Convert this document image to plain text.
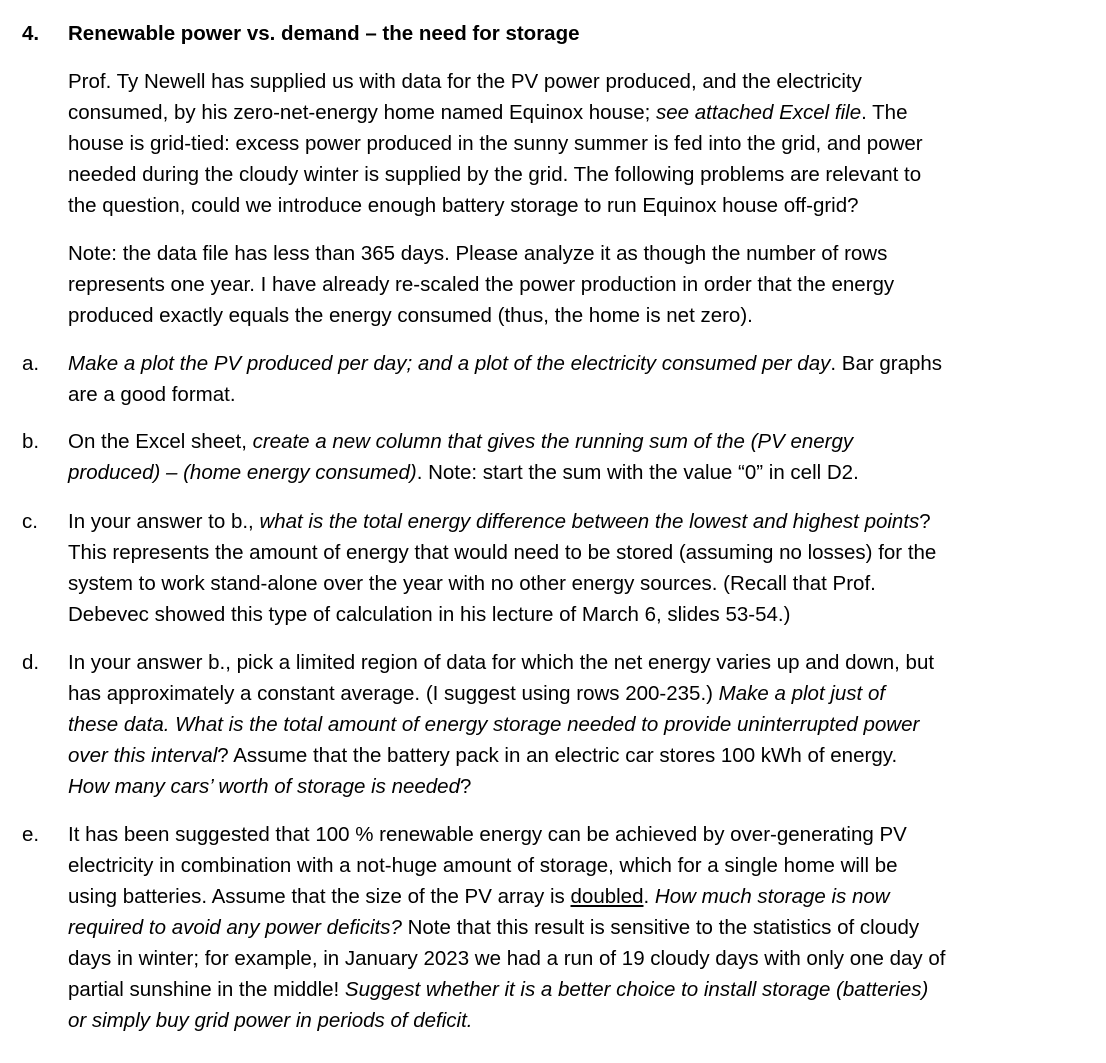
4. Renewable power vs. demand – the need for storage

Prof. Ty Newell has supplied us with data for the PV power produced, and the electricity
consumed, by his zero-net-energy home named Equinox house; see attached Excel file. The
house is grid-tied: excess power produced in the sunny summer is fed into the grid, and power
needed during the cloudy winter is supplied by the grid. The following problems are relevant to
the question, could we introduce enough battery storage to run Equinox house off-grid?

Note: the data file has less than 365 days. Please analyze it as though the number of rows
represents one year. I have already re-scaled the power production in order that the energy
produced exactly equals the energy consumed (thus, the home is net zero).

a. Make a plot the PV produced per day; and a plot of the electricity consumed per day. Bar graphs
are a good format.

b. On the Excel sheet, create a new column that gives the running sum of the (PV energy
produced) – (home energy consumed). Note: start the sum with the value “0” in cell D2.

c. In your answer to b., what is the total energy difference between the lowest and highest points?
This represents the amount of energy that would need to be stored (assuming no losses) for the
system to work stand-alone over the year with no other energy sources. (Recall that Prof.
Debevec showed this type of calculation in his lecture of March 6, slides 53-54.)

d. In your answer b., pick a limited region of data for which the net energy varies up and down, but
has approximately a constant average. (I suggest using rows 200-235.) Make a plot just of
these data. What is the total amount of energy storage needed to provide uninterrupted power
over this interval? Assume that the battery pack in an electric car stores 100 kWh of energy.
How many cars’ worth of storage is needed?

e. It has been suggested that 100 % renewable energy can be achieved by over-generating PV
electricity in combination with a not-huge amount of storage, which for a single home will be
using batteries. Assume that the size of the PV array is doubled. How much storage is now
required to avoid any power deficits? Note that this result is sensitive to the statistics of cloudy
days in winter; for example, in January 2023 we had a run of 19 cloudy days with only one day of
partial sunshine in the middle! Suggest whether it is a better choice to install storage (batteries)
or simply buy grid power in periods of deficit.
